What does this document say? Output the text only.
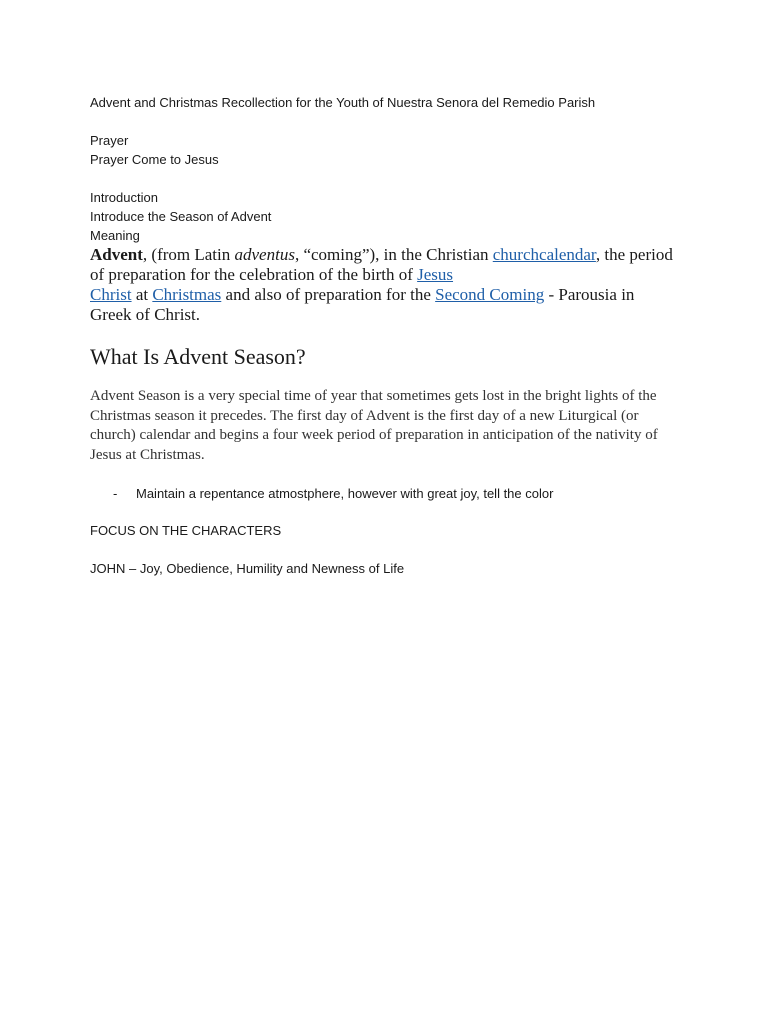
Advent and Christmas Recollection for the Youth of Nuestra Senora del Remedio Parish

Prayer

Prayer Come to Jesus

Introduction

Introduce the Season of Advent

Meaning

Advent, (from Latin adventus, “coming”), in the Christian churchcalendar, the period of preparation for the celebration of the birth of Jesus
Christ at Christmas and also of preparation for the Second Coming - Parousia in Greek of Christ.

What Is Advent Season?

Advent Season is a very special time of year that sometimes gets lost in the bright lights of the Christmas season it precedes. The first day of Advent is the first day of a new Liturgical (or church) calendar and begins a four week period of preparation in anticipation of the nativity of Jesus at Christmas.

- Maintain a repentance atmostphere, however with great joy, tell the color

FOCUS ON THE CHARACTERS

JOHN – Joy, Obedience, Humility and Newness of Life
